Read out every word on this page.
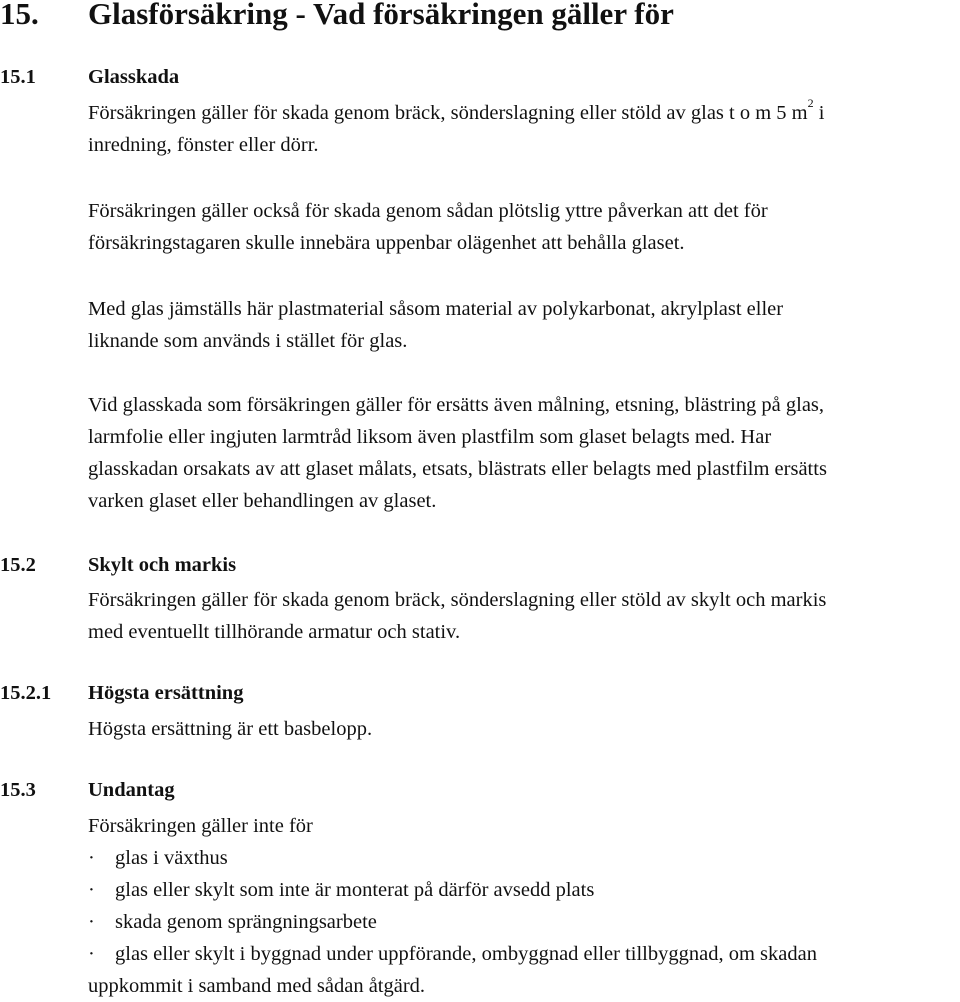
15. Glasförsäkring - Vad försäkringen gäller för
15.1	Glasskada

Försäkringen gäller för skada genom bräck, sönderslagning eller stöld av glas t o m 5 $m^2$ i

inredning, fönster eller dörr.

Försäkringen gäller också för skada genom sådan plötslig yttre påverkan att det för

försäkringstagaren skulle innebära uppenbar olägenhet att behålla glaset.

Med glas jämställs här plastmaterial såsom material av polykarbonat, akrylplast eller

liknande som används i stället för glas.

Vid glasskada som försäkringen gäller för ersätts även målning, etsning, blästring på glas,

larmfolie eller ingjuten larmtråd liksom även plastfilm som glaset belagts med. Har

glasskadan orsakats av att glaset målats, etsats, blästrats eller belagts med plastfilm ersätts

varken glaset eller behandlingen av glaset.

15.2	Skylt och markis

Försäkringen gäller för skada genom bräck, sönderslagning eller stöld av skylt och markis

med eventuellt tillhörande armatur och stativ.

15.2.1 Högsta ersättning

Högsta ersättning är ett basbelopp.

15.3	Undantag

Försäkringen gäller inte för

· glas i växthus
· glas eller skylt som inte är monterat på därför avsedd plats
· skada genom sprängningsarbete
· glas eller skylt i byggnad under uppförande, ombyggnad eller tillbyggnad, om skadan
uppkommit i samband med sådan åtgärd.
